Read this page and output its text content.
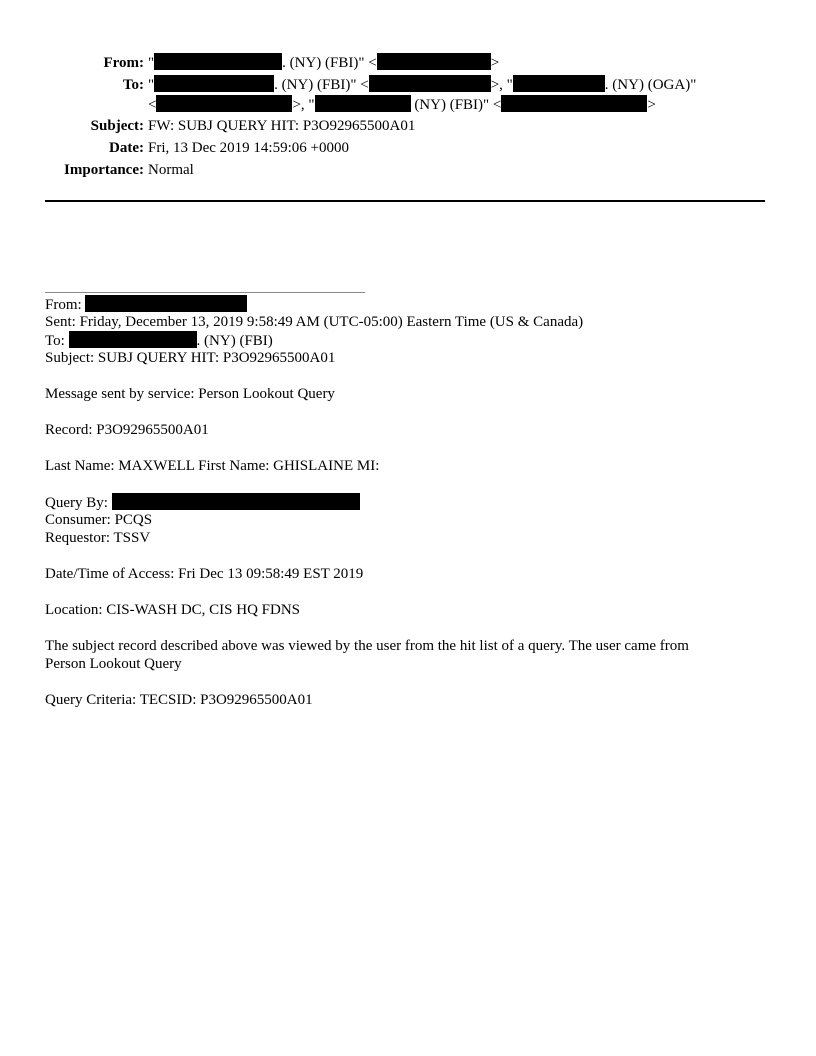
From: "	. (NY) (FBI)" <	>
To: "	. (NY) (FBI)" <	>, "	. (NY) (OGA)"
<	>, "	(NY) (FBI)" <	>
Subject: FW: SUBJ QUERY HIT: P3O92965500A01
Date: Fri, 13 Dec 2019 14:59:06 +0000
Importance: Normal
From:
Sent: Friday, December 13, 2019 9:58:49 AM (UTC-05:00) Eastern Time (US & Canada)
To:	. (NY) (FBI)
Subject: SUBJ QUERY HIT: P3O92965500A01
Message sent by service: Person Lookout Query
Record: P3O92965500A01
Last Name: MAXWELL First Name: GHISLAINE MI:
Query By:
Consumer: PCQS
Requestor: TSSV
Date/Time of Access: Fri Dec 13 09:58:49 EST 2019
Location: CIS-WASH DC, CIS HQ FDNS
The subject record described above was viewed by the user from the hit list of a query. The user came from
Person Lookout Query
Query Criteria: TECSID: P3O92965500A01
